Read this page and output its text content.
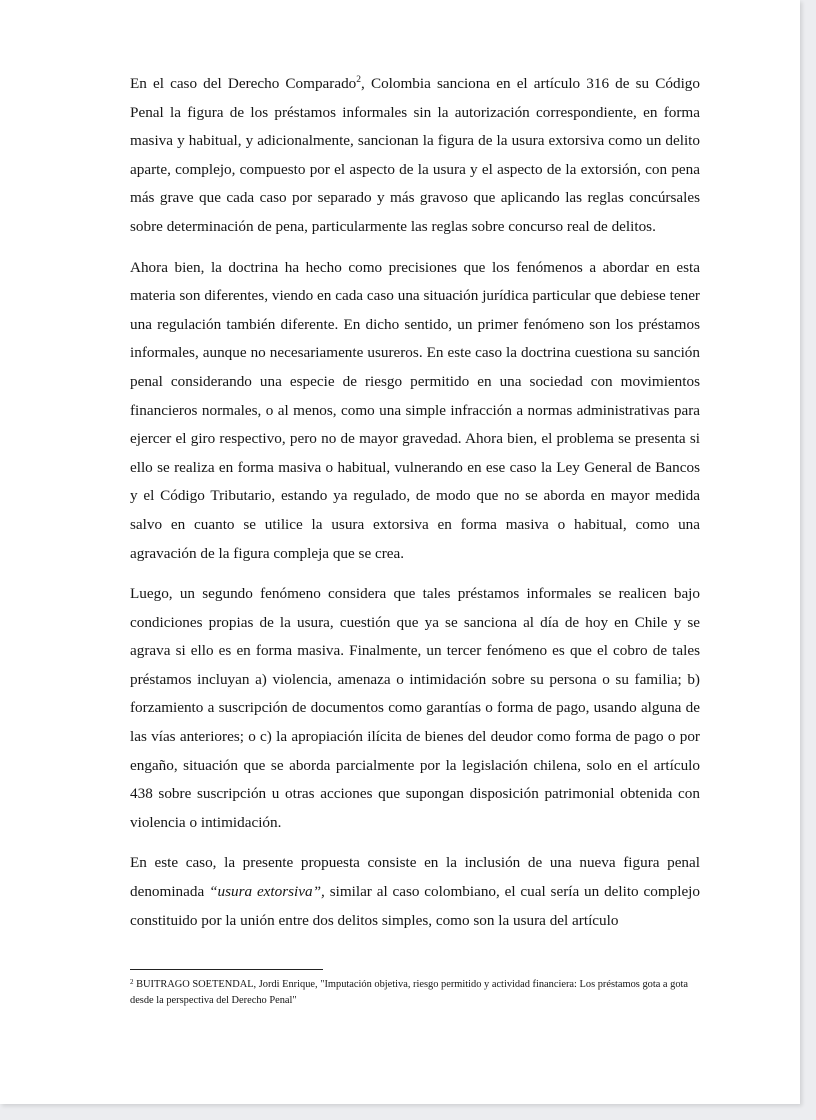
En el caso del Derecho Comparado$^2$, Colombia sanciona en el artículo 316 de su Código Penal la figura de los préstamos informales sin la autorización correspondiente, en forma masiva y habitual, y adicionalmente, sancionan la figura de la usura extorsiva como un delito aparte, complejo, compuesto por el aspecto de la usura y el aspecto de la extorsión, con pena más grave que cada caso por separado y más gravoso que aplicando las reglas concúrsales sobre determinación de pena, particularmente las reglas sobre concurso real de delitos.

Ahora bien, la doctrina ha hecho como precisiones que los fenómenos a abordar en esta materia son diferentes, viendo en cada caso una situación jurídica particular que debiese tener una regulación también diferente. En dicho sentido, un primer fenómeno son los préstamos informales, aunque no necesariamente usureros. En este caso la doctrina cuestiona su sanción penal considerando una especie de riesgo permitido en una sociedad con movimientos financieros normales, o al menos, como una simple infracción a normas administrativas para ejercer el giro respectivo, pero no de mayor gravedad. Ahora bien, el problema se presenta si ello se realiza en forma masiva o habitual, vulnerando en ese caso la Ley General de Bancos y el Código Tributario, estando ya regulado, de modo que no se aborda en mayor medida salvo en cuanto se utilice la usura extorsiva en forma masiva o habitual, como una agravación de la figura compleja que se crea.

Luego, un segundo fenómeno considera que tales préstamos informales se realicen bajo condiciones propias de la usura, cuestión que ya se sanciona al día de hoy en Chile y se agrava si ello es en forma masiva. Finalmente, un tercer fenómeno es que el cobro de tales préstamos incluyan a) violencia, amenaza o intimidación sobre su persona o su familia; b) forzamiento a suscripción de documentos como garantías o forma de pago, usando alguna de las vías anteriores; o c) la apropiación ilícita de bienes del deudor como forma de pago o por engaño, situación que se aborda parcialmente por la legislación chilena, solo en el artículo 438 sobre suscripción u otras acciones que supongan disposición patrimonial obtenida con violencia o intimidación.

En este caso, la presente propuesta consiste en la inclusión de una nueva figura penal denominada “usura extorsiva”, similar al caso colombiano, el cual sería un delito complejo constituido por la unión entre dos delitos simples, como son la usura del artículo

$^2$ BUITRAGO SOETENDAL, Jordi Enrique, "Imputación objetiva, riesgo permitido y actividad financiera: Los préstamos gota a gota desde la perspectiva del Derecho Penal"
